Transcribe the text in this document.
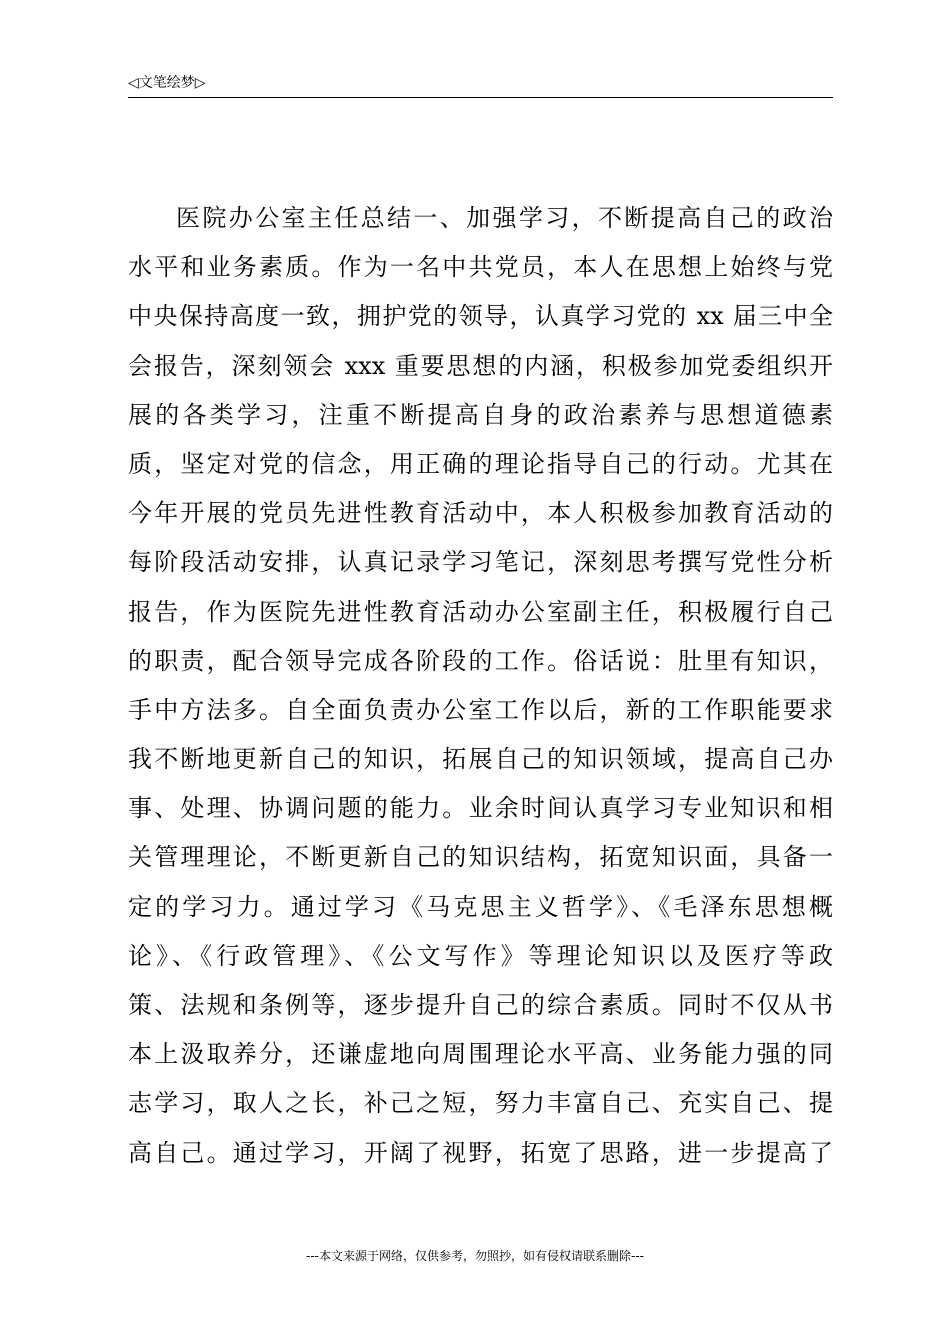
◁文笔绘梦▷
医院办公室主任总结一、加强学习，不断提高自己的政治
水平和业务素质。作为一名中共党员，本人在思想上始终与党
中央保持高度一致，拥护党的领导，认真学习党的 xx 届三中全
会报告，深刻领会 xxx 重要思想的内涵，积极参加党委组织开
展的各类学习，注重不断提高自身的政治素养与思想道德素
质，坚定对党的信念，用正确的理论指导自己的行动。尤其在
今年开展的党员先进性教育活动中，本人积极参加教育活动的
每阶段活动安排，认真记录学习笔记，深刻思考撰写党性分析
报告，作为医院先进性教育活动办公室副主任，积极履行自己
的职责，配合领导完成各阶段的工作。俗话说：肚里有知识，
手中方法多。自全面负责办公室工作以后，新的工作职能要求
我不断地更新自己的知识，拓展自己的知识领域，提高自己办
事、处理、协调问题的能力。业余时间认真学习专业知识和相
关管理理论，不断更新自己的知识结构，拓宽知识面，具备一
定的学习力。通过学习《马克思主义哲学》、《毛泽东思想概
论》、《行政管理》、《公文写作》等理论知识以及医疗等政
策、法规和条例等，逐步提升自己的综合素质。同时不仅从书
本上汲取养分，还谦虚地向周围理论水平高、业务能力强的同
志学习，取人之长，补己之短，努力丰富自己、充实自己、提
高自己。通过学习，开阔了视野，拓宽了思路，进一步提高了
---本文来源于网络，仅供参考，勿照抄，如有侵权请联系删除---
